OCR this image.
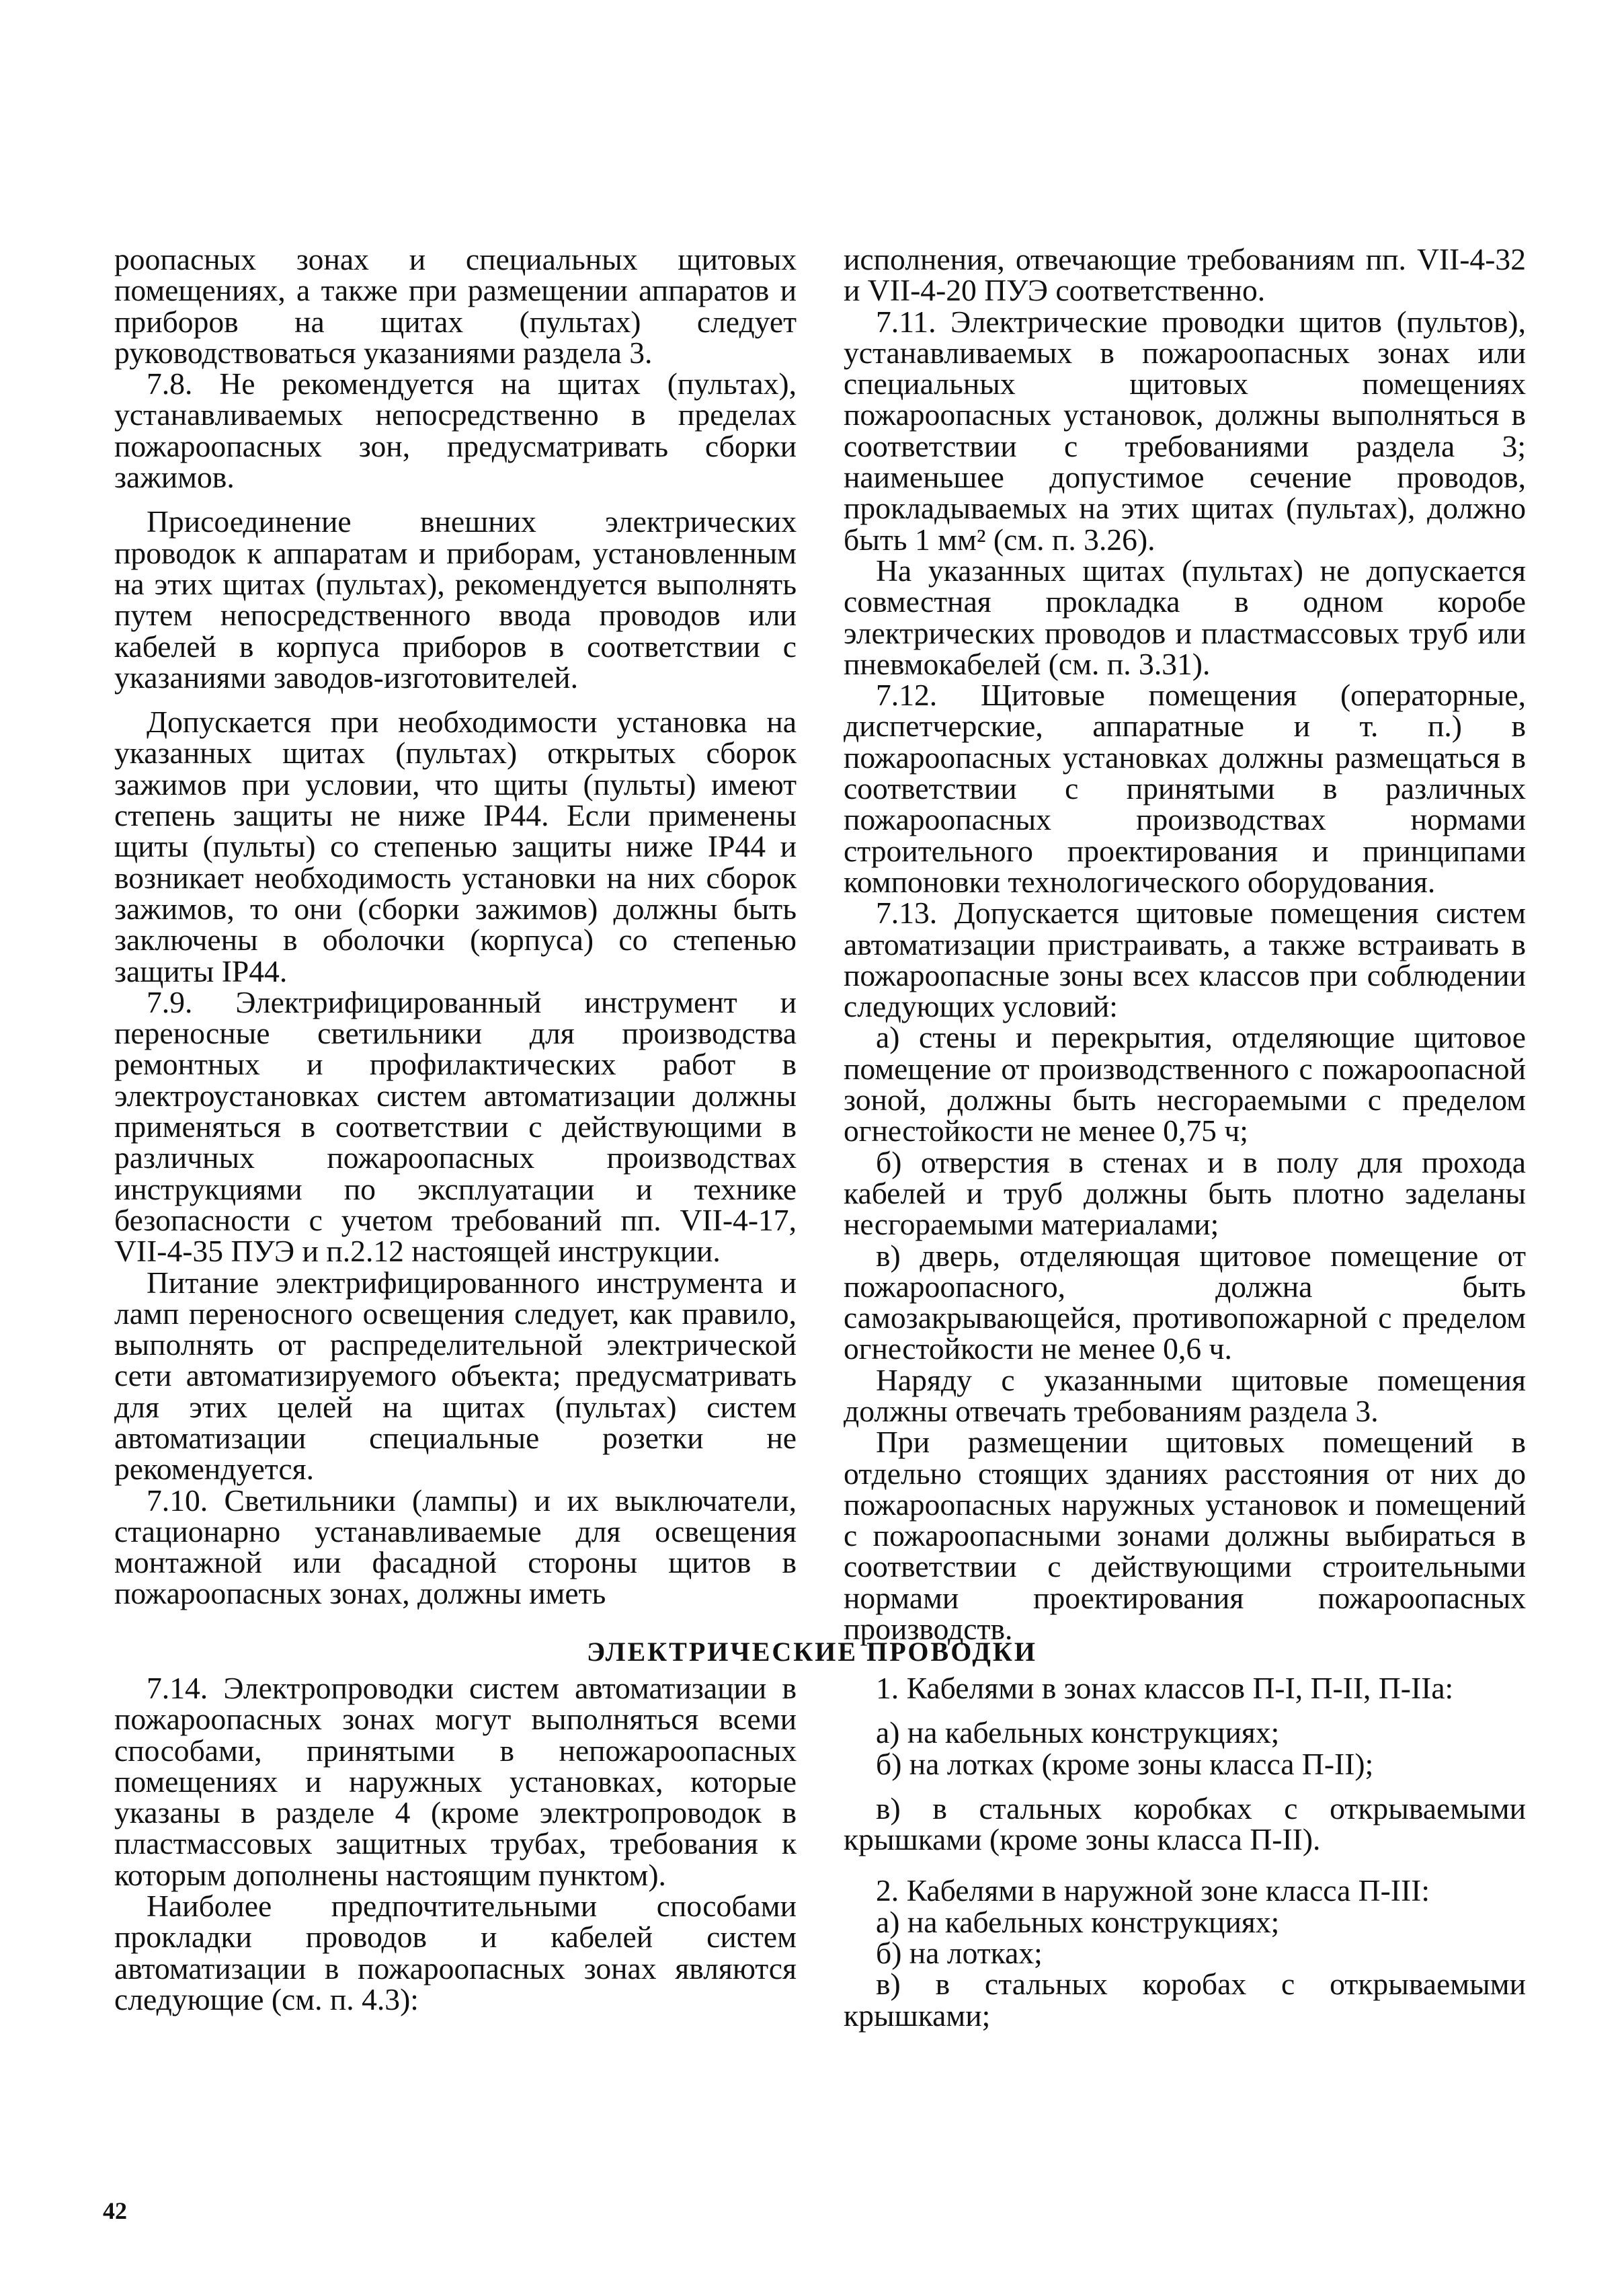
роопасных зонах и специальных щитовых помещениях, а также при размещении аппаратов и приборов на щитах (пультах) следует руководствоваться указаниями раздела 3.

7.8. Не рекомендуется на щитах (пультах), устанавливаемых непосредственно в пределах пожароопасных зон, предусматривать сборки зажимов.

Присоединение внешних электрических проводок к аппаратам и приборам, установленным на этих щитах (пультах), рекомендуется выполнять путем непосредственного ввода проводов или кабелей в корпуса приборов в соответствии с указаниями заводов-изготовителей.

Допускается при необходимости установка на указанных щитах (пультах) открытых сборок зажимов при условии, что щиты (пульты) имеют степень защиты не ниже IP44. Если применены щиты (пульты) со степенью защиты ниже IP44 и возникает необходимость установки на них сборок зажимов, то они (сборки зажимов) должны быть заключены в оболочки (корпуса) со степенью защиты IP44.

7.9. Электрифицированный инструмент и переносные светильники для производства ремонтных и профилактических работ в электроустановках систем автоматизации должны применяться в соответствии с действующими в различных пожароопасных производствах инструкциями по эксплуатации и технике безопасности с учетом требований пп. VII-4-17, VII-4-35 ПУЭ и п.2.12 настоящей инструкции.

Питание электрифицированного инструмента и ламп переносного освещения следует, как правило, выполнять от распределительной электрической сети автоматизируемого объекта; предусматривать для этих целей на щитах (пультах) систем автоматизации специальные розетки не рекомендуется.

7.10. Светильники (лампы) и их выключатели, стационарно устанавливаемые для освещения монтажной или фасадной стороны щитов в пожароопасных зонах, должны иметь

исполнения, отвечающие требованиям пп. VII-4-32 и VII-4-20 ПУЭ соответственно.

7.11. Электрические проводки щитов (пультов), устанавливаемых в пожароопасных зонах или специальных щитовых помещениях пожароопасных установок, должны выполняться в соответствии с требованиями раздела 3; наименьшее допустимое сечение проводов, прокладываемых на этих щитах (пультах), должно быть 1 мм² (см. п. 3.26).

На указанных щитах (пультах) не допускается совместная прокладка в одном коробе электрических проводов и пластмассовых труб или пневмокабелей (см. п. 3.31).

7.12. Щитовые помещения (операторные, диспетчерские, аппаратные и т. п.) в пожароопасных установках должны размещаться в соответствии с принятыми в различных пожароопасных производствах нормами строительного проектирования и принципами компоновки технологического оборудования.

7.13. Допускается щитовые помещения систем автоматизации пристраивать, а также встраивать в пожароопасные зоны всех классов при соблюдении следующих условий:

а) стены и перекрытия, отделяющие щитовое помещение от производственного с пожароопасной зоной, должны быть несгораемыми с пределом огнестойкости не менее 0,75 ч;

б) отверстия в стенах и в полу для прохода кабелей и труб должны быть плотно заделаны несгораемыми материалами;

в) дверь, отделяющая щитовое помещение от пожароопасного, должна быть самозакрывающейся, противопожарной с пределом огнестойкости не менее 0,6 ч.

Наряду с указанными щитовые помещения должны отвечать требованиям раздела 3.

При размещении щитовых помещений в отдельно стоящих зданиях расстояния от них до пожароопасных наружных установок и помещений с пожароопасными зонами должны выбираться в соответствии с действующими строительными нормами проектирования пожароопасных производств.

ЭЛЕКТРИЧЕСКИЕ ПРОВОДКИ

7.14. Электропроводки систем автоматизации в пожароопасных зонах могут выполняться всеми способами, принятыми в непожароопасных помещениях и наружных установках, которые указаны в разделе 4 (кроме электропроводок в пластмассовых защитных трубах, требования к которым дополнены настоящим пунктом).

Наиболее предпочтительными способами прокладки проводов и кабелей систем автоматизации в пожароопасных зонах являются следующие (см. п. 4.3):

1. Кабелями в зонах классов П-I, П-II, П-IIа:

а) на кабельных конструкциях;

б) на лотках (кроме зоны класса П-II);

в) в стальных коробках с открываемыми крышками (кроме зоны класса П-II).

2. Кабелями в наружной зоне класса П-III:

а) на кабельных конструкциях;

б) на лотках;

в) в стальных коробах с открываемыми крышками;

42
